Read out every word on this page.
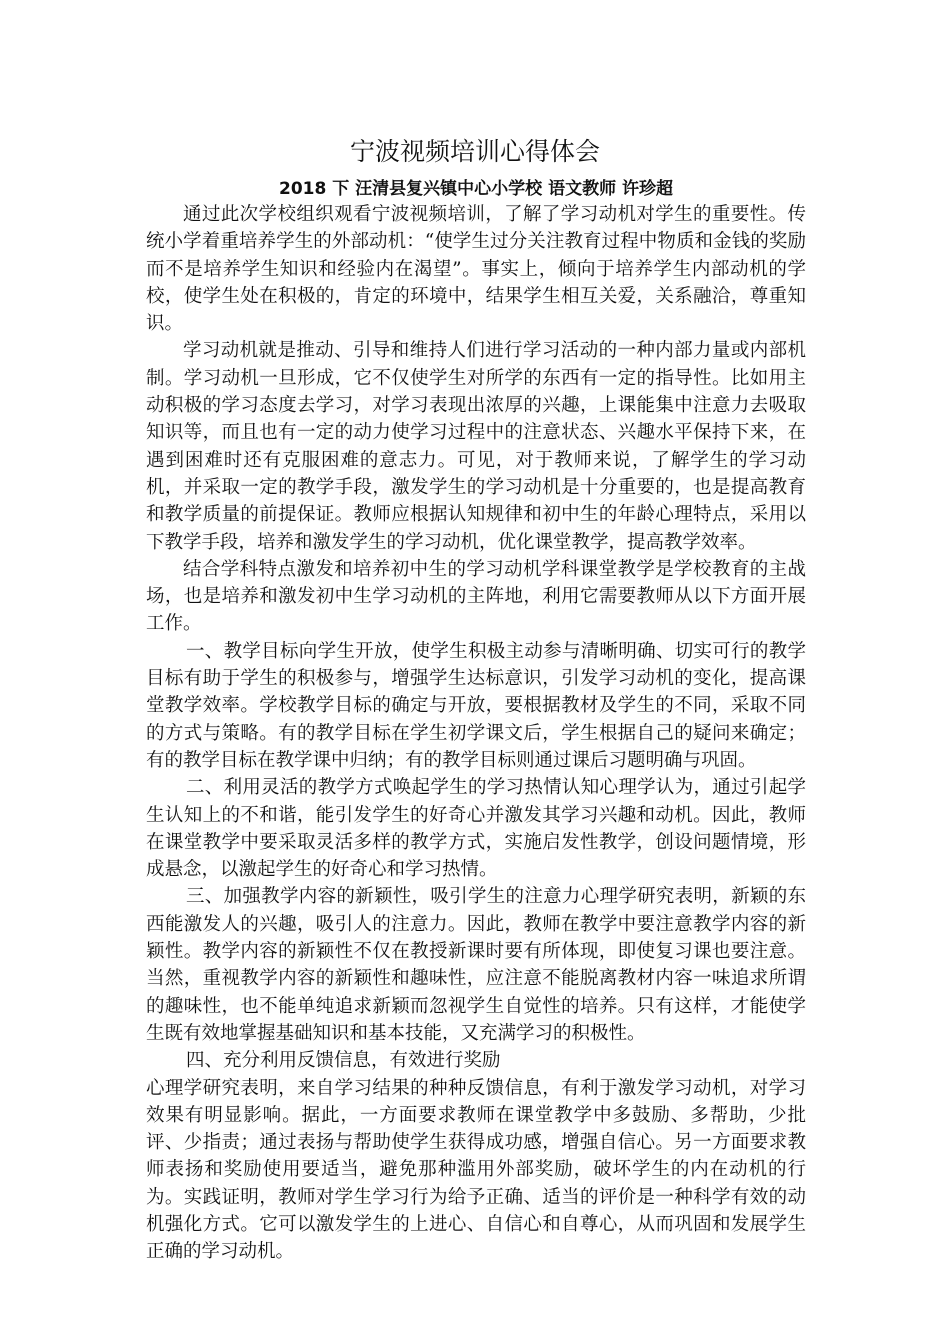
宁波视频培训心得体会
2018 下 汪清县复兴镇中心小学校 语文教师 许珍超

通过此次学校组织观看宁波视频培训，了解了学习动机对学生的重要性。传统小学着重培养学生的外部动机：“使学生过分关注教育过程中物质和金钱的奖励而不是培养学生知识和经验内在渴望”。事实上，倾向于培养学生内部动机的学校，使学生处在积极的，肯定的环境中，结果学生相互关爱，关系融洽，尊重知识。

学习动机就是推动、引导和维持人们进行学习活动的一种内部力量或内部机制。学习动机一旦形成，它不仅使学生对所学的东西有一定的指导性。比如用主动积极的学习态度去学习，对学习表现出浓厚的兴趣，上课能集中注意力去吸取知识等，而且也有一定的动力使学习过程中的注意状态、兴趣水平保持下来，在遇到困难时还有克服困难的意志力。可见，对于教师来说，了解学生的学习动机，并采取一定的教学手段，激发学生的学习动机是十分重要的，也是提高教育和教学质量的前提保证。教师应根据认知规律和初中生的年龄心理特点，采用以下教学手段，培养和激发学生的学习动机，优化课堂教学，提高教学效率。

结合学科特点激发和培养初中生的学习动机学科课堂教学是学校教育的主战场，也是培养和激发初中生学习动机的主阵地，利用它需要教师从以下方面开展工作。

一、教学目标向学生开放，使学生积极主动参与清晰明确、切实可行的教学目标有助于学生的积极参与，增强学生达标意识，引发学习动机的变化，提高课堂教学效率。学校教学目标的确定与开放，要根据教材及学生的不同，采取不同的方式与策略。有的教学目标在学生初学课文后，学生根据自己的疑问来确定；有的教学目标在教学课中归纳；有的教学目标则通过课后习题明确与巩固。

二、利用灵活的教学方式唤起学生的学习热情认知心理学认为，通过引起学生认知上的不和谐，能引发学生的好奇心并激发其学习兴趣和动机。因此，教师在课堂教学中要采取灵活多样的教学方式，实施启发性教学，创设问题情境，形成悬念，以激起学生的好奇心和学习热情。

三、加强教学内容的新颖性，吸引学生的注意力心理学研究表明，新颖的东西能激发人的兴趣，吸引人的注意力。因此，教师在教学中要注意教学内容的新颖性。教学内容的新颖性不仅在教授新课时要有所体现，即使复习课也要注意。当然，重视教学内容的新颖性和趣味性，应注意不能脱离教材内容一味追求所谓的趣味性，也不能单纯追求新颖而忽视学生自觉性的培养。只有这样，才能使学生既有效地掌握基础知识和基本技能，又充满学习的积极性。

四、充分利用反馈信息，有效进行奖励

心理学研究表明，来自学习结果的种种反馈信息，有利于激发学习动机，对学习效果有明显影响。据此，一方面要求教师在课堂教学中多鼓励、多帮助，少批评、少指责；通过表扬与帮助使学生获得成功感，增强自信心。另一方面要求教师表扬和奖励使用要适当，避免那种滥用外部奖励，破坏学生的内在动机的行为。实践证明，教师对学生学习行为给予正确、适当的评价是一种科学有效的动机强化方式。它可以激发学生的上进心、自信心和自尊心，从而巩固和发展学生正确的学习动机。
